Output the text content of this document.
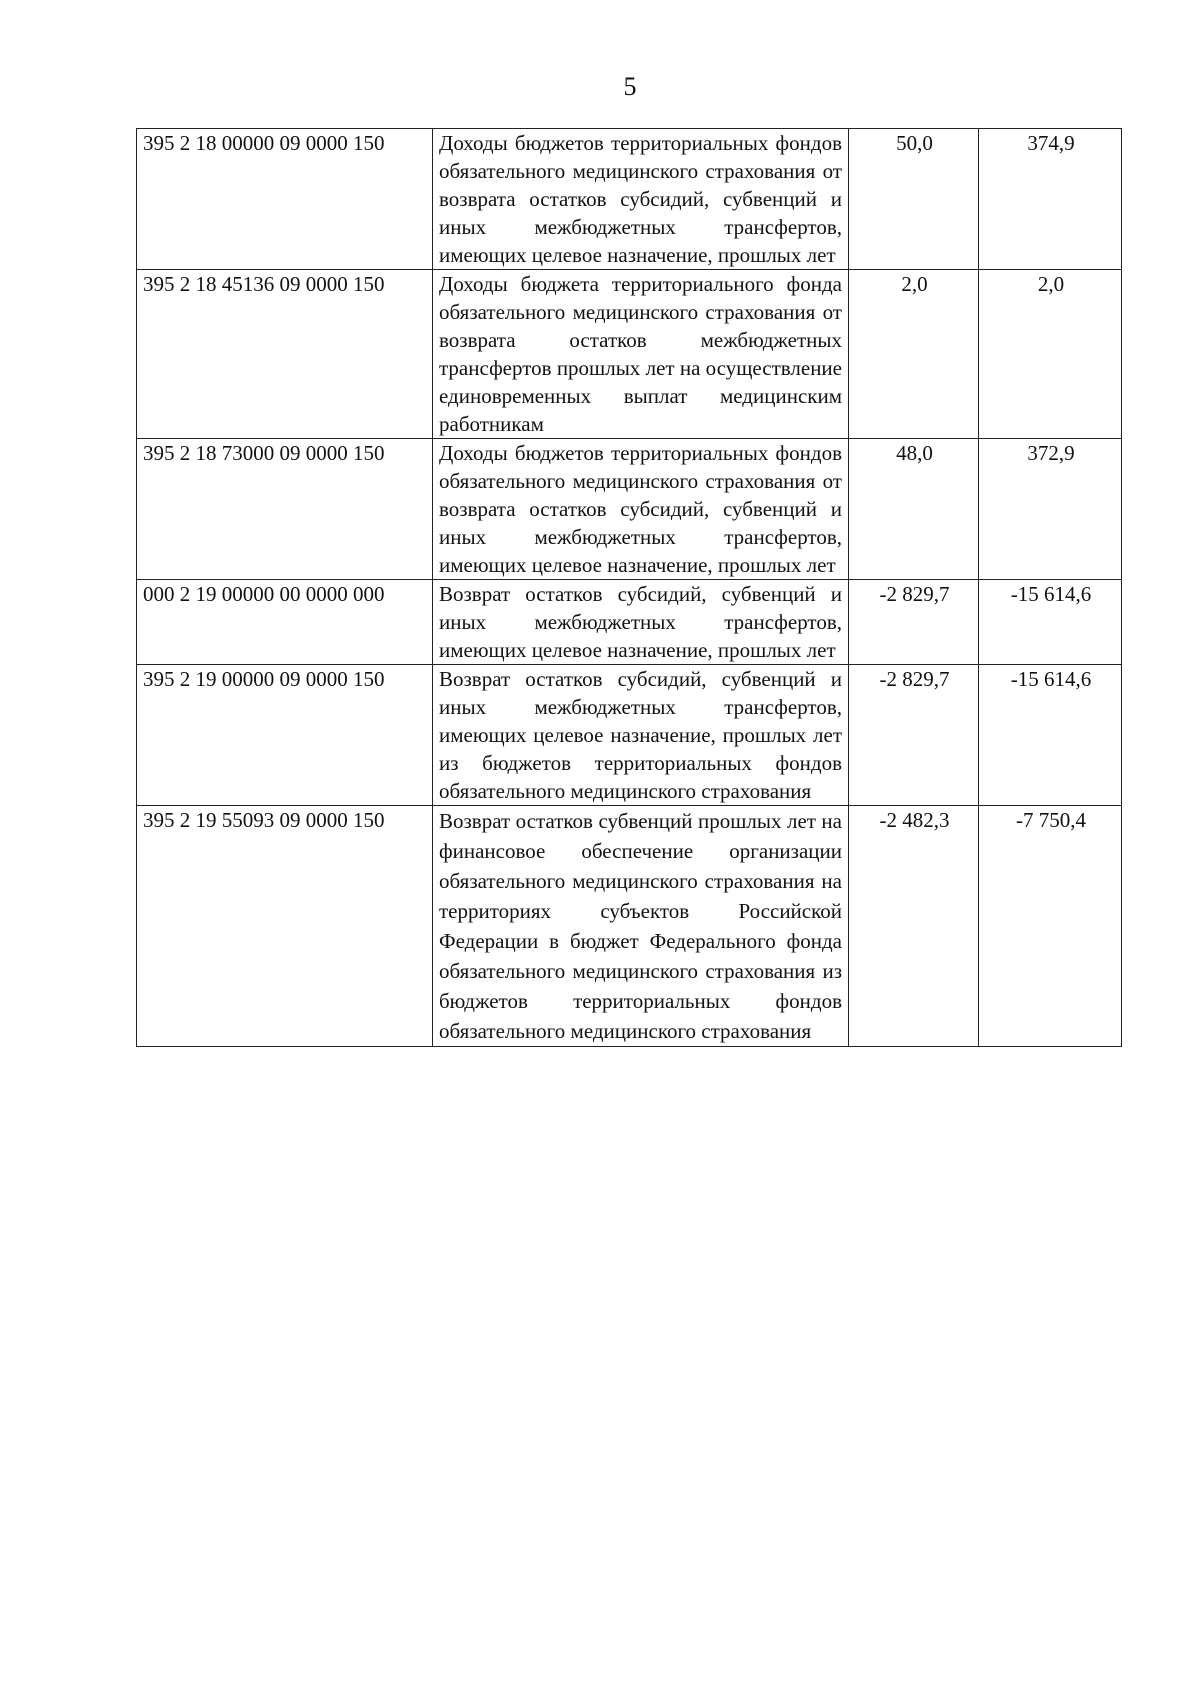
5
395 2 18 00000 09 0000 150	Доходы бюджетов территориальных фондов обязательного медицинского страхования от возврата остатков субсидий, субвенций и иных межбюджетных трансфертов, имеющих целевое назначение, прошлых лет	50,0	374,9
395 2 18 45136 09 0000 150	Доходы бюджета территориального фонда обязательного медицинского страхования от возврата остатков межбюджетных трансфертов прошлых лет на осуществление единовременных выплат медицинским работникам	2,0	2,0
395 2 18 73000 09 0000 150	Доходы бюджетов территориальных фондов обязательного медицинского страхования от возврата остатков субсидий, субвенций и иных межбюджетных трансфертов, имеющих целевое назначение, прошлых лет	48,0	372,9
000 2 19 00000 00 0000 000	Возврат остатков субсидий, субвенций и иных межбюджетных трансфертов, имеющих целевое назначение, прошлых лет	-2 829,7	-15 614,6
395 2 19 00000 09 0000 150	Возврат остатков субсидий, субвенций и иных межбюджетных трансфертов, имеющих целевое назначение, прошлых лет из бюджетов территориальных фондов обязательного медицинского страхования	-2 829,7	-15 614,6
395 2 19 55093 09 0000 150	Возврат остатков субвенций прошлых лет на финансовое обеспечение организации обязательного медицинского страхования на территориях субъектов Российской Федерации в бюджет Федерального фонда обязательного медицинского страхования из бюджетов территориальных фондов обязательного медицинского страхования	-2 482,3	-7 750,4
